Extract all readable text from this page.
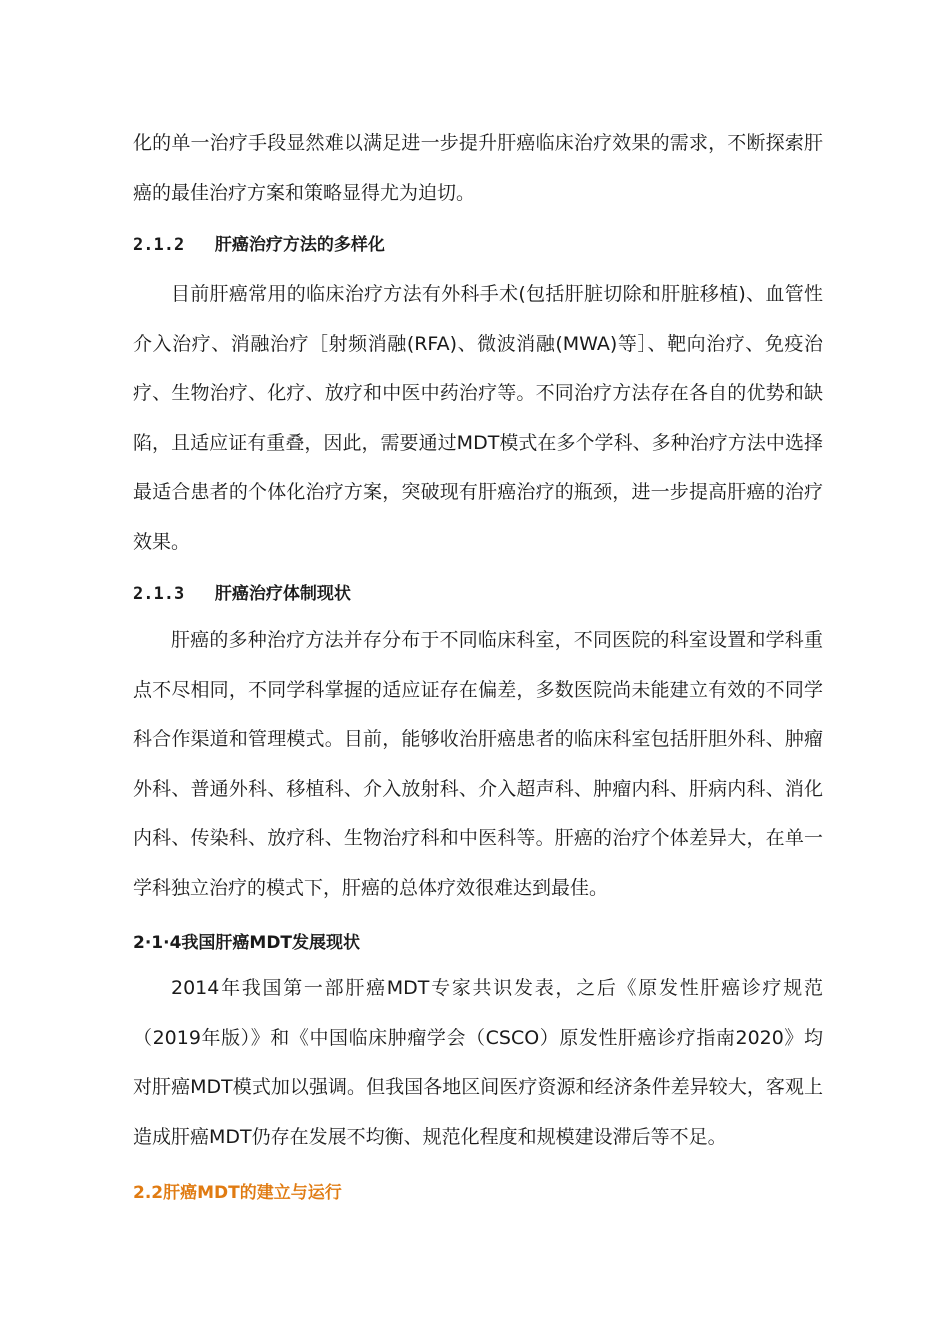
化的单一治疗手段显然难以满足进一步提升肝癌临床治疗效果的需求，不断探索肝癌的最佳治疗方案和策略显得尤为迫切。

2.1.2 肝癌治疗方法的多样化

目前肝癌常用的临床治疗方法有外科手术(包括肝脏切除和肝脏移植)、血管性介入治疗、消融治疗［射频消融(RFA)、微波消融(MWA)等］、靶向治疗、免疫治疗、生物治疗、化疗、放疗和中医中药治疗等。不同治疗方法存在各自的优势和缺陷，且适应证有重叠，因此，需要通过MDT模式在多个学科、多种治疗方法中选择最适合患者的个体化治疗方案，突破现有肝癌治疗的瓶颈，进一步提高肝癌的治疗效果。

2.1.3 肝癌治疗体制现状

肝癌的多种治疗方法并存分布于不同临床科室，不同医院的科室设置和学科重点不尽相同，不同学科掌握的适应证存在偏差，多数医院尚未能建立有效的不同学科合作渠道和管理模式。目前，能够收治肝癌患者的临床科室包括肝胆外科、肿瘤外科、普通外科、移植科、介入放射科、介入超声科、肿瘤内科、肝病内科、消化内科、传染科、放疗科、生物治疗科和中医科等。肝癌的治疗个体差异大，在单一学科独立治疗的模式下，肝癌的总体疗效很难达到最佳。

2·1·4我国肝癌MDT发展现状

2014年我国第一部肝癌MDT专家共识发表，之后《原发性肝癌诊疗规范（2019年版）》和《中国临床肿瘤学会（CSCO）原发性肝癌诊疗指南2020》均对肝癌MDT模式加以强调。但我国各地区间医疗资源和经济条件差异较大，客观上造成肝癌MDT仍存在发展不均衡、规范化程度和规模建设滞后等不足。

2.2肝癌MDT的建立与运行
